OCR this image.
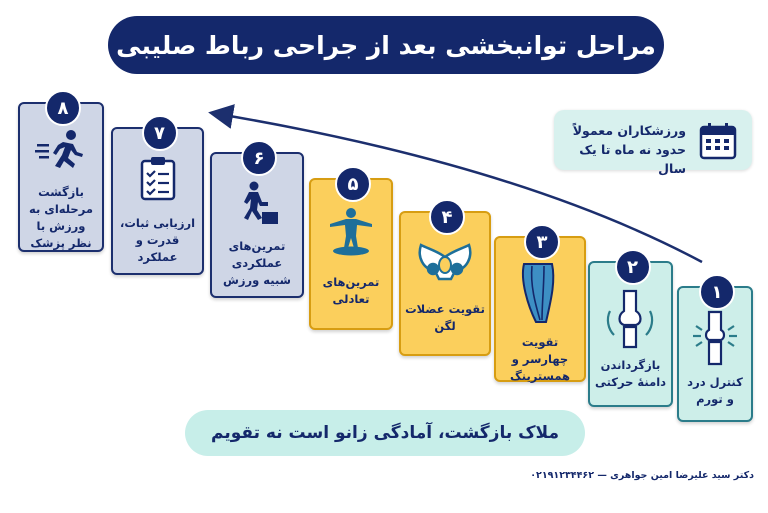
مراحل توانبخشی بعد از جراحی رباط صلیبی
ورزشکاران معمولاً حدود نه ماه تا یک سال
۸
بازگشت مرحله‌ای به ورزش با نظر پزشک
۷
ارزیابی ثبات، قدرت و عملکرد
۶
تمرین‌های عملکردی شبیه ورزش
۵
تمرین‌های تعادلی
۴
تقویت عضلات لگن
۳
تقویت چهارسر و همسترینگ
۲
بازگرداندن دامنهٔ حرکتی
۱
کنترل درد و تورم
ملاک بازگشت، آمادگی زانو است نه تقویم
دکتر سید علیرضا امین جواهری — ۰۲۱۹۱۲۳۴۴۶۲
